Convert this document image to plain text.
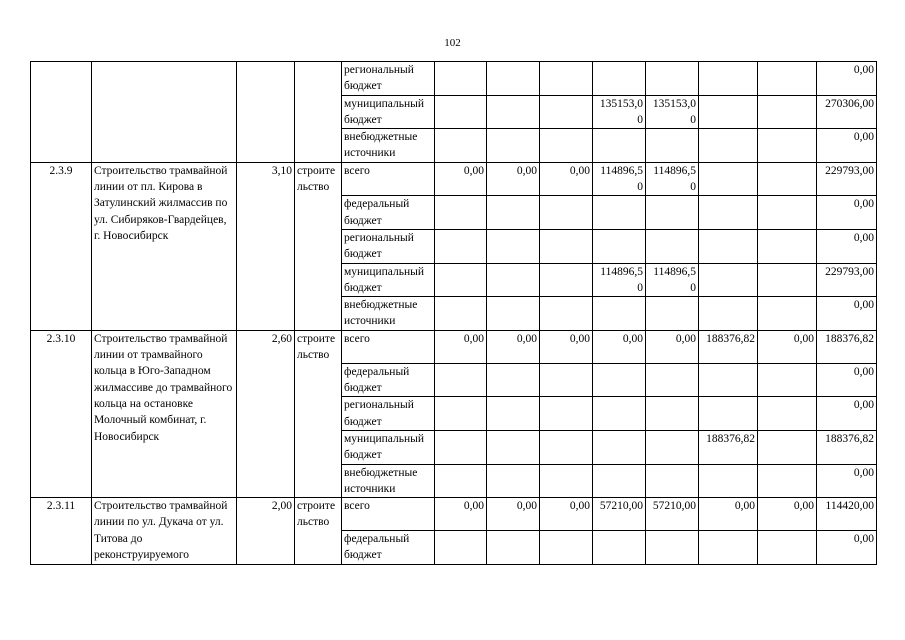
102
				региональный бюджет								0,00
				муниципальный бюджет				135153,00	135153,00			270306,00
				внебюджетные источники								0,00
2.3.9	Строительство трамвайной линии от пл. Кирова в Затулинский жилмассив по ул. Сибиряков-Гвардейцев, г. Новосибирск	3,10	строительство	всего	0,00	0,00	0,00	114896,50	114896,50			229793,00
				федеральный бюджет								0,00
				региональный бюджет								0,00
				муниципальный бюджет				114896,50	114896,50			229793,00
				внебюджетные источники								0,00
2.3.10	Строительство трамвайной линии от трамвайного кольца в Юго-Западном жилмассиве до трамвайного кольца на остановке Молочный комбинат, г. Новосибирск	2,60	строительство	всего	0,00	0,00	0,00	0,00	0,00	188376,82	0,00	188376,82
				федеральный бюджет								0,00
				региональный бюджет								0,00
				муниципальный бюджет						188376,82		188376,82
				внебюджетные источники								0,00
2.3.11	Строительство трамвайной линии по ул. Дукача от ул. Титова до реконструируемого	2,00	строительство	всего	0,00	0,00	0,00	57210,00	57210,00	0,00	0,00	114420,00
				федеральный бюджет								0,00
